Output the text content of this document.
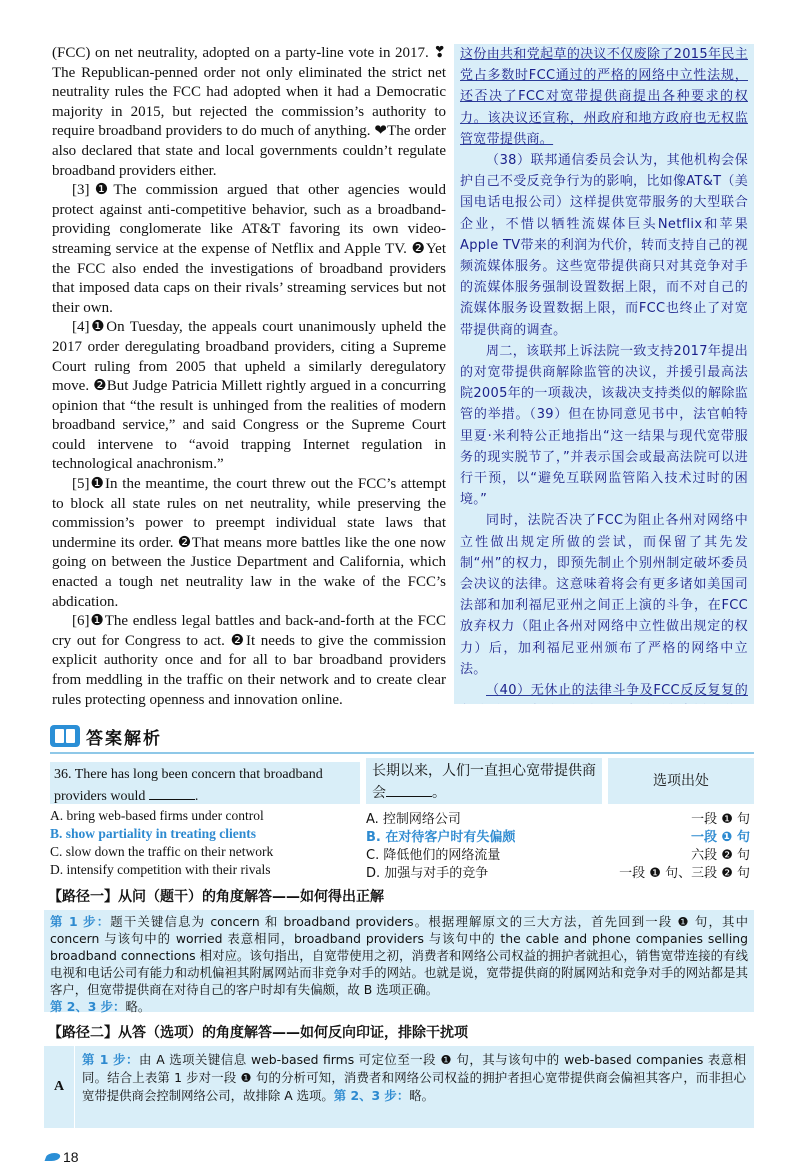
(FCC) on net neutrality, adopted on a party-line vote in 2017. ❣The Republican-penned order not only eliminated the strict net neutrality rules the FCC had adopted when it had a Democratic majority in 2015, but rejected the commission’s authority to require broadband providers to do much of anything. ❤The order also declared that state and local governments couldn’t regulate broadband providers either.

[3]❶The commission argued that other agencies would protect against anti-competitive behavior, such as a broadband-providing conglomerate like AT&T favoring its own video-streaming service at the expense of Netflix and Apple TV. ❷Yet the FCC also ended the investigations of broadband providers that imposed data caps on their rivals’ streaming services but not their own.

[4]❶On Tuesday, the appeals court unanimously upheld the 2017 order deregulating broadband providers, citing a Supreme Court ruling from 2005 that upheld a similarly deregulatory move. ❷But Judge Patricia Millett rightly argued in a concurring opinion that “the result is unhinged from the realities of modern broadband service,” and said Congress or the Supreme Court could intervene to “avoid trapping Internet regulation in technological anachronism.”

[5]❶In the meantime, the court threw out the FCC’s attempt to block all state rules on net neutrality, while preserving the commission’s power to preempt individual state laws that undermine its order. ❷That means more battles like the one now going on between the Justice Department and California, which enacted a tough net neutrality law in the wake of the FCC’s abdication.

[6]❶The endless legal battles and back-and-forth at the FCC cry out for Congress to act. ❷It needs to give the commission explicit authority once and for all to bar broadband providers from meddling in the traffic on their network and to create clear rules protecting openness and innovation online.

这份由共和党起草的决议不仅废除了2015年民主党占多数时FCC通过的严格的网络中立性法规，还否决了FCC对宽带提供商提出各种要求的权力。该决议还宣称，州政府和地方政府也无权监管宽带提供商。

（38）联邦通信委员会认为，其他机构会保护自己不受反竞争行为的影响，比如像AT&T（美国电话电报公司）这样提供宽带服务的大型联合企业，不惜以牺牲流媒体巨头Netflix和苹果Apple TV带来的利润为代价，转而支持自己的视频流媒体服务。这些宽带提供商只对其竞争对手的流媒体服务强制设置数据上限，而不对自己的流媒体服务设置数据上限，而FCC也终止了对宽带提供商的调查。

周二，该联邦上诉法院一致支持2017年提出的对宽带提供商解除监管的决议，并援引最高法院2005年的一项裁决，该裁决支持类似的解除监管的举措。（39）但在协同意见书中，法官帕特里夏·米利特公正地指出“这一结果与现代宽带服务的现实脱节了，”并表示国会或最高法院可以进行干预，以“避免互联网监管陷入技术过时的困境。”

同时，法院否决了FCC为阻止各州对网络中立性做出规定所做的尝试，而保留了其先发制“州”的权力，即预先制止个别州制定破坏委员会决议的法律。这意味着将会有更多诸如美国司法部和加利福尼亚州之间正上演的斗争，在FCC放弃权力（阻止各州对网络中立性做出规定的权力）后，加利福尼亚州颁布了严格的网络中立法。

（40）无休止的法律斗争及FCC反反复复的

答案解析
36. There has long been concern that broadband providers would	.
长期以来，人们一直担心宽带提供商会	。
选项出处
A. bring web-based firms under control	A. 控制网络公司	一段 ❶ 句
B. show partiality in treating clients	B. 在对待客户时有失偏颇	一段 ❶ 句
C. slow down the traffic on their network	C. 降低他们的网络流量	六段 ❷ 句
D. intensify competition with their rivals	D. 加强与对手的竞争	一段 ❶ 句、三段 ❷ 句
【路径一】从问（题干）的角度解答——如何得出正解

第 1 步：题干关键信息为 concern 和 broadband providers。根据理解原文的三大方法，首先回到一段 ❶ 句，其中 concern 与该句中的 worried 表意相同，broadband providers 与该句中的 the cable and phone companies selling broadband connections 相对应。该句指出，自宽带使用之初，消费者和网络公司权益的拥护者就担心，销售宽带连接的有线电视和电话公司有能力和动机偏袒其附属网站而非竞争对手的网站。也就是说，宽带提供商的附属网站和竞争对手的网站都是其客户，但宽带提供商在对待自己的客户时却有失偏颇，故 B 选项正确。

第 2、3 步：略。

【路径二】从答（选项）的角度解答——如何反向印证，排除干扰项
A

第 1 步：由 A 选项关键信息 web-based firms 可定位至一段 ❶ 句，其与该句中的 web-based companies 表意相同。结合上表第 1 步对一段 ❶ 句的分析可知，消费者和网络公司权益的拥护者担心宽带提供商会偏袒其客户，而非担心宽带提供商会控制网络公司，故排除 A 选项。第 2、3 步：略。

18
